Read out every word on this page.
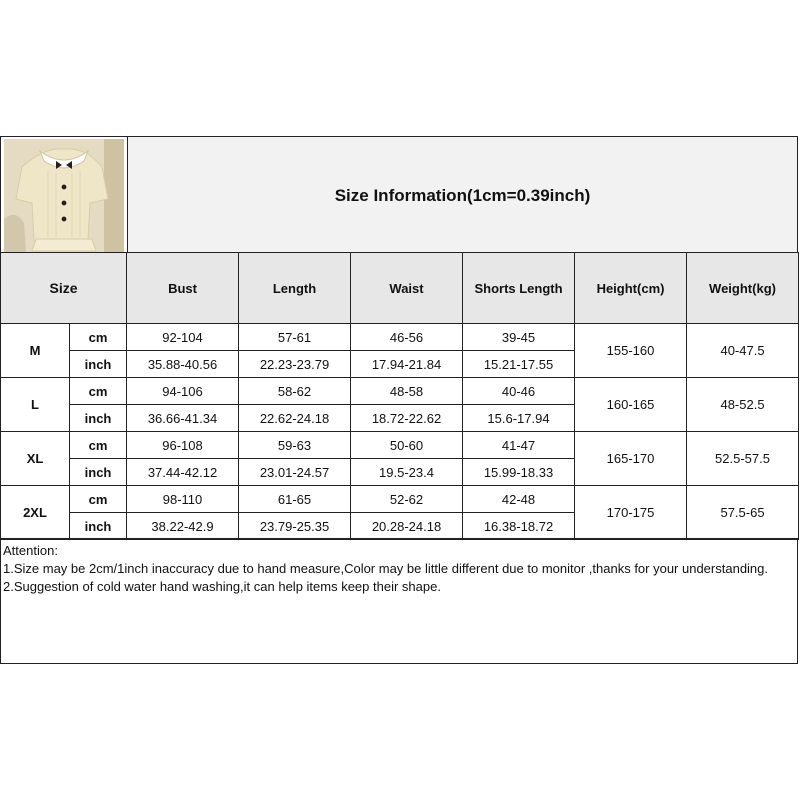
Size Information(1cm=0.39inch)
Size		Bust	Length	Waist	Shorts Length	Height(cm)	Weight(kg)
M	cm	92-104	57-61	46-56	39-45	155-160	40-47.5
	inch	35.88-40.56	22.23-23.79	17.94-21.84	15.21-17.55		
L	cm	94-106	58-62	48-58	40-46	160-165	48-52.5
	inch	36.66-41.34	22.62-24.18	18.72-22.62	15.6-17.94		
XL	cm	96-108	59-63	50-60	41-47	165-170	52.5-57.5
	inch	37.44-42.12	23.01-24.57	19.5-23.4	15.99-18.33		
2XL	cm	98-110	61-65	52-62	42-48	170-175	57.5-65
	inch	38.22-42.9	23.79-25.35	20.28-24.18	16.38-18.72		
Attention:
1.Size may be 2cm/1inch inaccuracy due to hand measure,Color may be little different due to monitor ,thanks for your understanding.
2.Suggestion of cold water hand washing,it can help items keep their shape.
